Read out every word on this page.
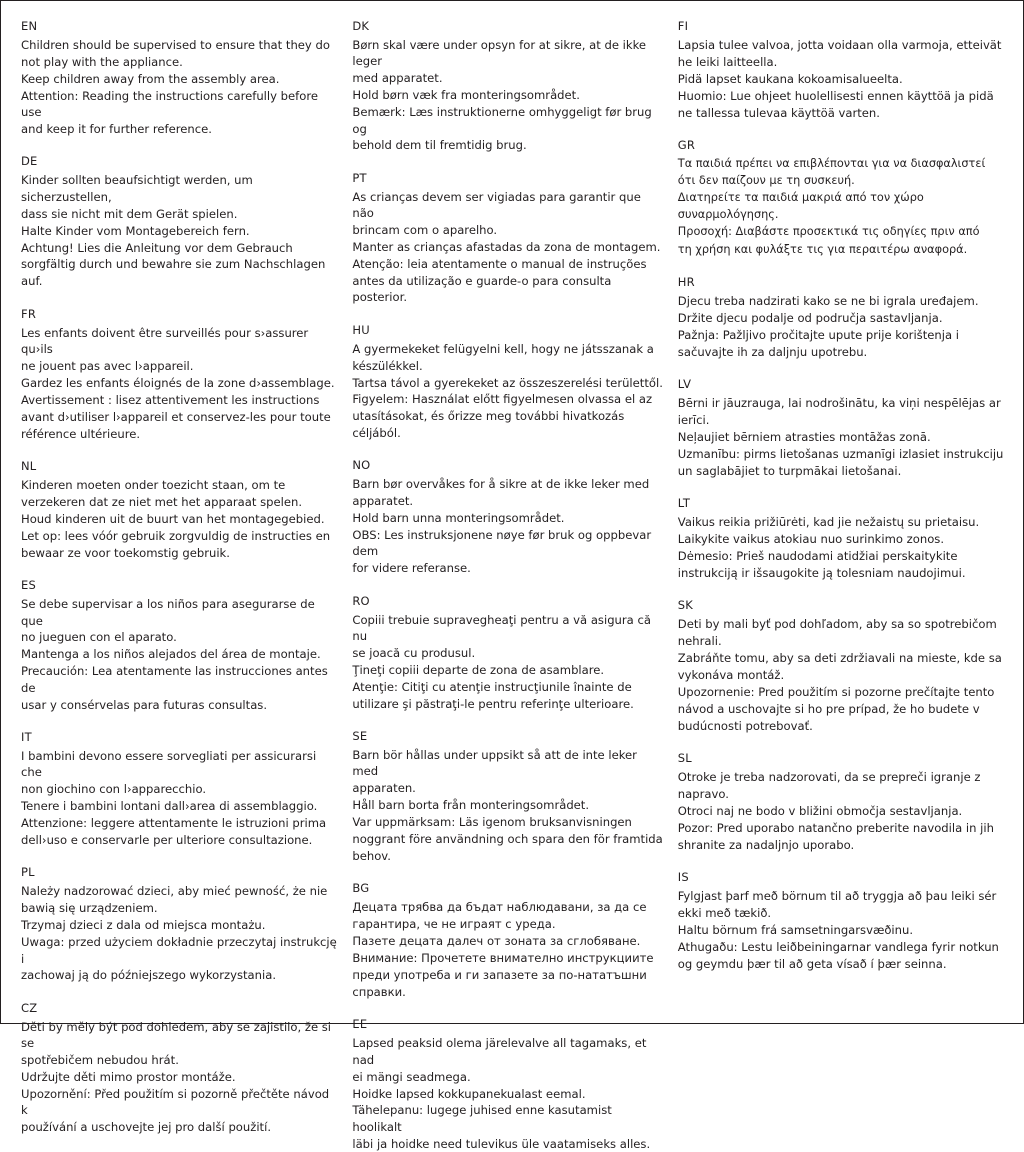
EN

Children should be supervised to ensure that they do

not play with the appliance.

Keep children away from the assembly area.

Attention: Reading the instructions carefully before use

and keep it for further reference.

DE

Kinder sollten beaufsichtigt werden, um sicherzustellen,

dass sie nicht mit dem Gerät spielen.

Halte Kinder vom Montagebereich fern.

Achtung! Lies die Anleitung vor dem Gebrauch

sorgfältig durch und bewahre sie zum Nachschlagen

auf.

FR

Les enfants doivent être surveillés pour s›assurer qu›ils

ne jouent pas avec l›appareil.

Gardez les enfants éloignés de la zone d›assemblage.

Avertissement : lisez attentivement les instructions

avant d›utiliser l›appareil et conservez-les pour toute

référence ultérieure.

NL

Kinderen moeten onder toezicht staan, om te

verzekeren dat ze niet met het apparaat spelen.

Houd kinderen uit de buurt van het montagegebied.

Let op: lees vóór gebruik zorgvuldig de instructies en

bewaar ze voor toekomstig gebruik.

ES

Se debe supervisar a los niños para asegurarse de que

no jueguen con el aparato.

Mantenga a los niños alejados del área de montaje.

Precaución: Lea atentamente las instrucciones antes de

usar y consérvelas para futuras consultas.

IT

I bambini devono essere sorvegliati per assicurarsi che

non giochino con l›apparecchio.

Tenere i bambini lontani dall›area di assemblaggio.

Attenzione: leggere attentamente le istruzioni prima

dell›uso e conservarle per ulteriore consultazione.

PL

Należy nadzorować dzieci, aby mieć pewność, że nie

bawią się urządzeniem.

Trzymaj dzieci z dala od miejsca montażu.

Uwaga: przed użyciem dokładnie przeczytaj instrukcję i

zachowaj ją do późniejszego wykorzystania.

CZ

Děti by měly být pod dohledem, aby se zajistilo, že si se

spotřebičem nebudou hrát.

Udržujte děti mimo prostor montáže.

Upozornění: Před použitím si pozorně přečtěte návod k

používání a uschovejte jej pro další použití.

DK

Børn skal være under opsyn for at sikre, at de ikke leger

med apparatet.

Hold børn væk fra monteringsområdet.

Bemærk: Læs instruktionerne omhyggeligt før brug og

behold dem til fremtidig brug.

PT

As crianças devem ser vigiadas para garantir que não

brincam com o aparelho.

Manter as crianças afastadas da zona de montagem.

Atenção: leia atentamente o manual de instruções

antes da utilização e guarde-o para consulta posterior.

HU

A gyermekeket felügyelni kell, hogy ne játsszanak a

készülékkel.

Tartsa távol a gyerekeket az összeszerelési területtől.

Figyelem: Használat előtt figyelmesen olvassa el az

utasításokat, és őrizze meg további hivatkozás céljából.

NO

Barn bør overvåkes for å sikre at de ikke leker med

apparatet.

Hold barn unna monteringsområdet.

OBS: Les instruksjonene nøye før bruk og oppbevar dem

for videre referanse.

RO

Copiii trebuie supravegheaţi pentru a vă asigura că nu

se joacă cu produsul.

Ţineţi copiii departe de zona de asamblare.

Atenţie: Citiţi cu atenţie instrucţiunile înainte de

utilizare şi păstraţi-le pentru referinţe ulterioare.

SE

Barn bör hållas under uppsikt så att de inte leker med

apparaten.

Håll barn borta från monteringsområdet.

Var uppmärksam: Läs igenom bruksanvisningen

noggrant före användning och spara den för framtida

behov.

BG

Децата трябва да бъдат наблюдавани, за да се

гарантира, че не играят с уреда.

Пазете децата далеч от зоната за сглобяване.

Внимание: Прочетете внимателно инструкциите

преди употреба и ги запазете за по-нататъшни

справки.

EE

Lapsed peaksid olema järelevalve all tagamaks, et nad

ei mängi seadmega.

Hoidke lapsed kokkupanekualast eemal.

Tähelepanu: lugege juhised enne kasutamist hoolikalt

läbi ja hoidke need tulevikus üle vaatamiseks alles.

FI

Lapsia tulee valvoa, jotta voidaan olla varmoja, etteivät

he leiki laitteella.

Pidä lapset kaukana kokoamisalueelta.

Huomio: Lue ohjeet huolellisesti ennen käyttöä ja pidä

ne tallessa tulevaa käyttöä varten.

GR

Τα παιδιά πρέπει να επιβλέπονται για να διασφαλιστεί

ότι δεν παίζουν με τη συσκευή.

Διατηρείτε τα παιδιά μακριά από τον χώρο

συναρμολόγησης.

Προσοχή: Διαβάστε προσεκτικά τις οδηγίες πριν από

τη χρήση και φυλάξτε τις για περαιτέρω αναφορά.

HR

Djecu treba nadzirati kako se ne bi igrala uređajem.

Držite djecu podalje od područja sastavljanja.

Pažnja: Pažljivo pročitajte upute prije korištenja i

sačuvajte ih za daljnju upotrebu.

LV

Bērni ir jāuzrauga, lai nodrošinātu, ka viņi nespēlējas ar

ierīci.

Neļaujiet bērniem atrasties montāžas zonā.

Uzmanību: pirms lietošanas uzmanīgi izlasiet instrukciju

un saglabājiet to turpmākai lietošanai.

LT

Vaikus reikia prižiūrėti, kad jie nežaistų su prietaisu.

Laikykite vaikus atokiau nuo surinkimo zonos.

Dėmesio: Prieš naudodami atidžiai perskaitykite

instrukciją ir išsaugokite ją tolesniam naudojimui.

SK

Deti by mali byť pod dohľadom, aby sa so spotrebičom

nehrali.

Zabráňte tomu, aby sa deti zdržiavali na mieste, kde sa

vykonáva montáž.

Upozornenie: Pred použitím si pozorne prečítajte tento

návod a uschovajte si ho pre prípad, že ho budete v

budúcnosti potrebovať.

SL

Otroke je treba nadzorovati, da se prepreči igranje z

napravo.

Otroci naj ne bodo v bližini območja sestavljanja.

Pozor: Pred uporabo natančno preberite navodila in jih

shranite za nadaljnjo uporabo.

IS

Fylgjast þarf með börnum til að tryggja að þau leiki sér

ekki með tækið.

Haltu börnum frá samsetningarsvæðinu.

Athugaðu: Lestu leiðbeiningarnar vandlega fyrir notkun

og geymdu þær til að geta vísað í þær seinna.
